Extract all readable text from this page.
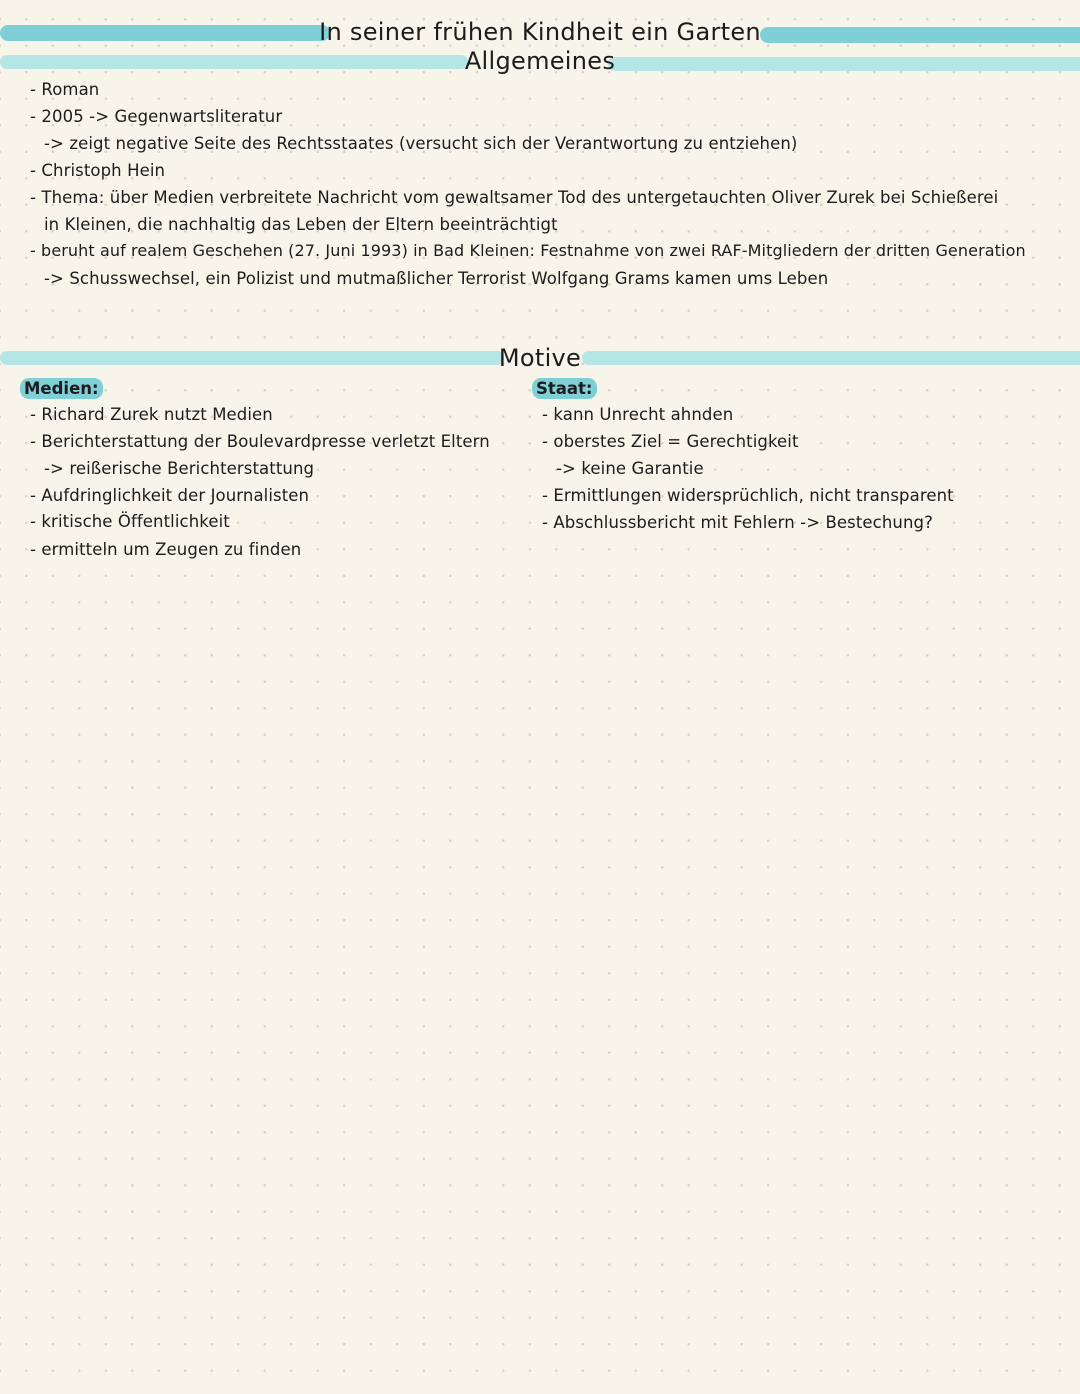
In seiner frühen Kindheit ein Garten
Allgemeines
- Roman
- 2005 -> Gegenwartsliteratur
-> zeigt negative Seite des Rechtsstaates (versucht sich der Verantwortung zu entziehen)
- Christoph Hein
- Thema: über Medien verbreitete Nachricht vom gewaltsamer Tod des untergetauchten Oliver Zurek bei Schießerei
in Kleinen, die nachhaltig das Leben der Eltern beeinträchtigt
- beruht auf realem Geschehen (27. Juni 1993) in Bad Kleinen: Festnahme von zwei RAF-Mitgliedern der dritten Generation
-> Schusswechsel, ein Polizist und mutmaßlicher Terrorist Wolfgang Grams kamen ums Leben
Motive
Medien:
- Richard Zurek nutzt Medien
- Berichterstattung der Boulevardpresse verletzt Eltern
-> reißerische Berichterstattung
- Aufdringlichkeit der Journalisten
- kritische Öffentlichkeit
- ermitteln um Zeugen zu finden
Staat:
- kann Unrecht ahnden
- oberstes Ziel = Gerechtigkeit
-> keine Garantie
- Ermittlungen widersprüchlich, nicht transparent
- Abschlussbericht mit Fehlern -> Bestechung?
